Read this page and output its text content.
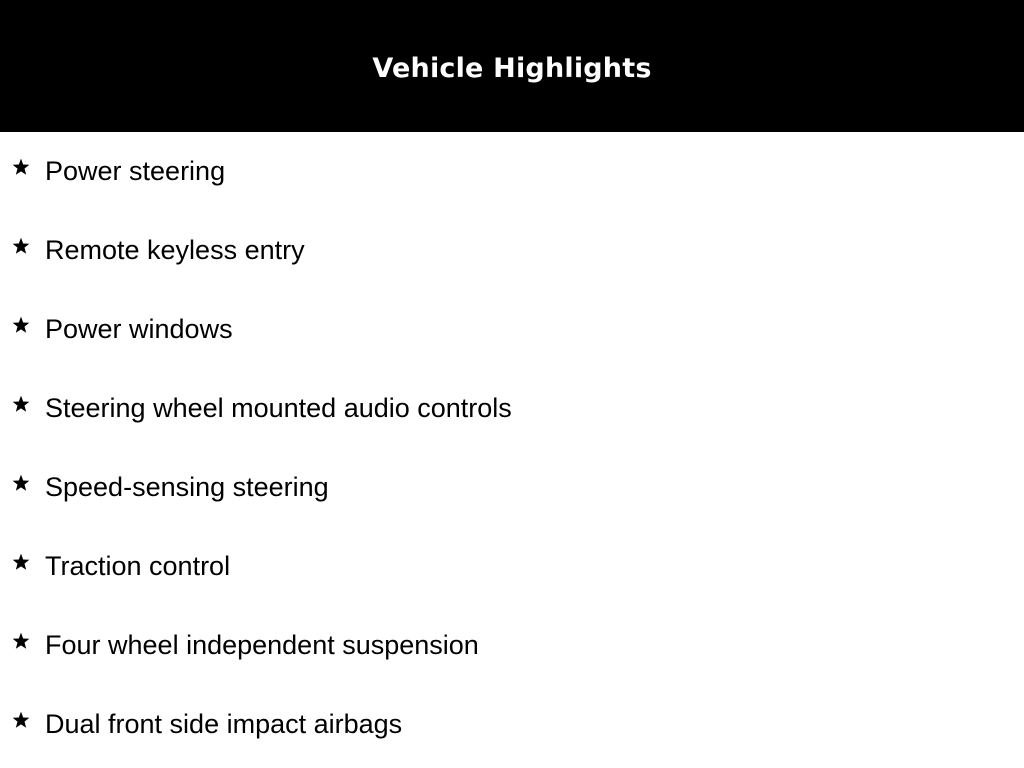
Vehicle Highlights
Power steering
Remote keyless entry
Power windows
Steering wheel mounted audio controls
Speed-sensing steering
Traction control
Four wheel independent suspension
Dual front side impact airbags
